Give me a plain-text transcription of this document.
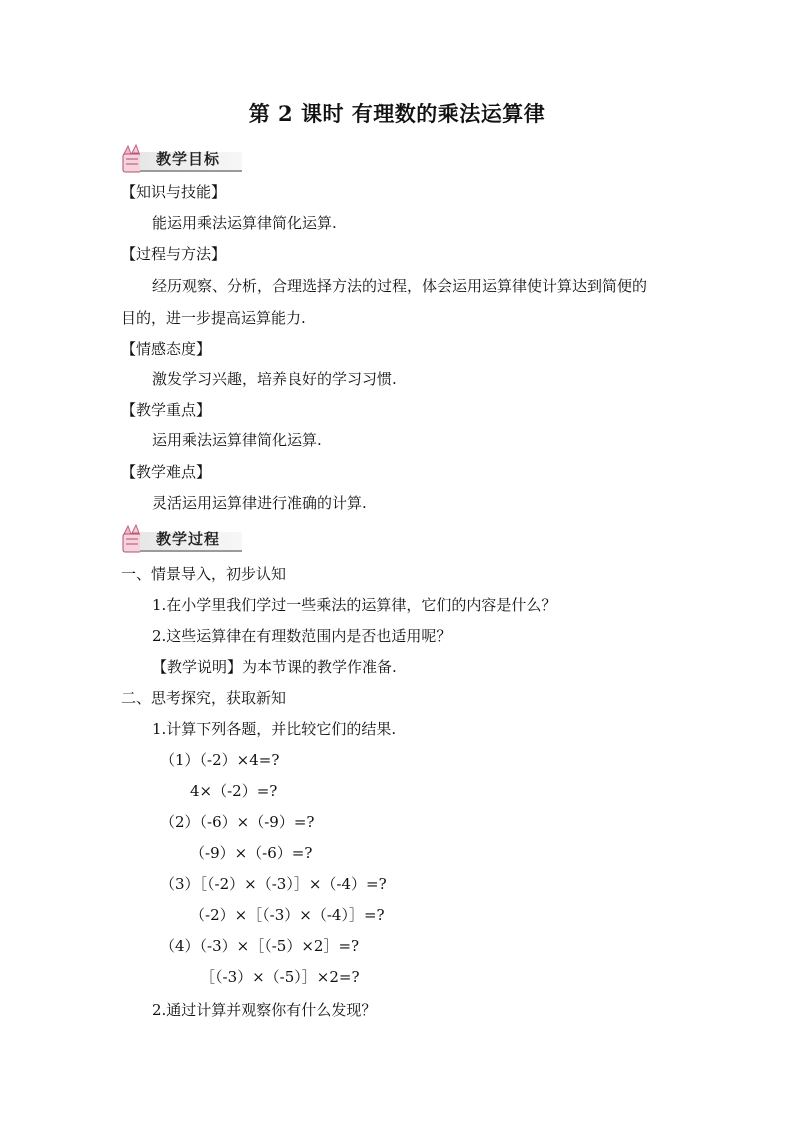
第 2 课时 有理数的乘法运算律
教学目标
【知识与技能】
能运用乘法运算律简化运算.
【过程与方法】
经历观察、分析，合理选择方法的过程，体会运用运算律使计算达到简便的
目的，进一步提高运算能力.
【情感态度】
激发学习兴趣，培养良好的学习习惯.
【教学重点】
运用乘法运算律简化运算.
【教学难点】
灵活运用运算律进行准确的计算.
教学过程
一、情景导入，初步认知
1.在小学里我们学过一些乘法的运算律，它们的内容是什么？
2.这些运算律在有理数范围内是否也适用呢？
【教学说明】为本节课的教学作准备.
二、思考探究，获取新知
1.计算下列各题，并比较它们的结果.
（1）（-2）×4=?
4×（-2）=?
（2）（-6）×（-9）=?
（-9）×（-6）=?
（3）［（-2）×（-3）］×（-4）=?
（-2）×［（-3）×（-4）］=?
（4）（-3）×［（-5）×2］=?
［（-3）×（-5）］×2=?
2.通过计算并观察你有什么发现？
